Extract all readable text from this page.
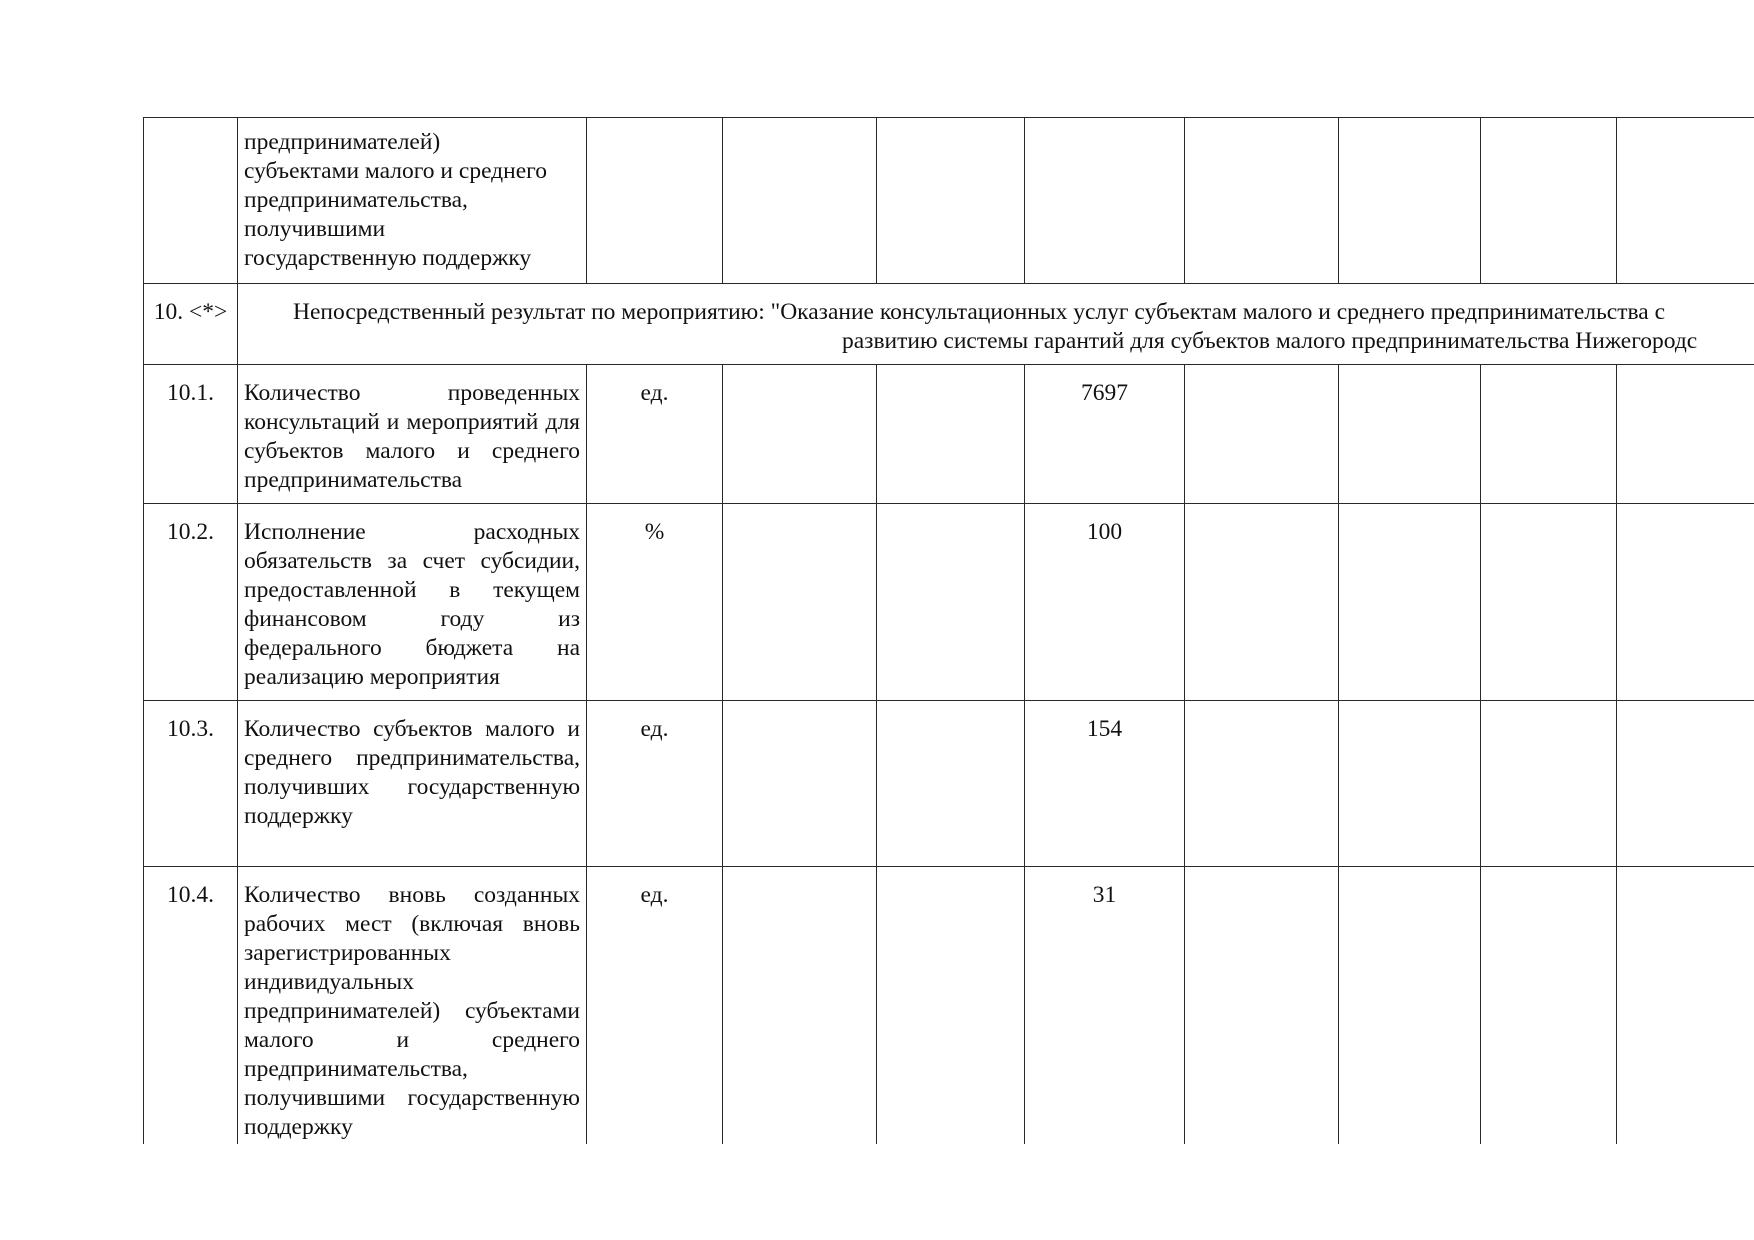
	предпринимателей)
субъектами малого и среднего
предпринимательства,
получившими
государственную поддержку								

10. <*>	Непосредственный результат по мероприятию: "Оказание консультационных услуг субъектам малого и среднего предпринимательства с
развитию системы гарантий для субъектов малого предпринимательства Нижегородс								

10.1.	Количество проведенных консультаций и мероприятий для субъектов малого и среднего предпринимательства	ед.			7697				
10.2.	Исполнение расходных обязательств за счет субсидии, предоставленной в текущем финансовом году из федерального бюджета на реализацию мероприятия	%			100				
10.3.	Количество субъектов малого и среднего предпринимательства, получивших государственную поддержку	ед.			154				
10.4.	Количество вновь созданных рабочих мест (включая вновь зарегистрированных индивидуальных предпринимателей) субъектами малого и среднего предпринимательства, получившими государственную поддержку	ед.			31				
